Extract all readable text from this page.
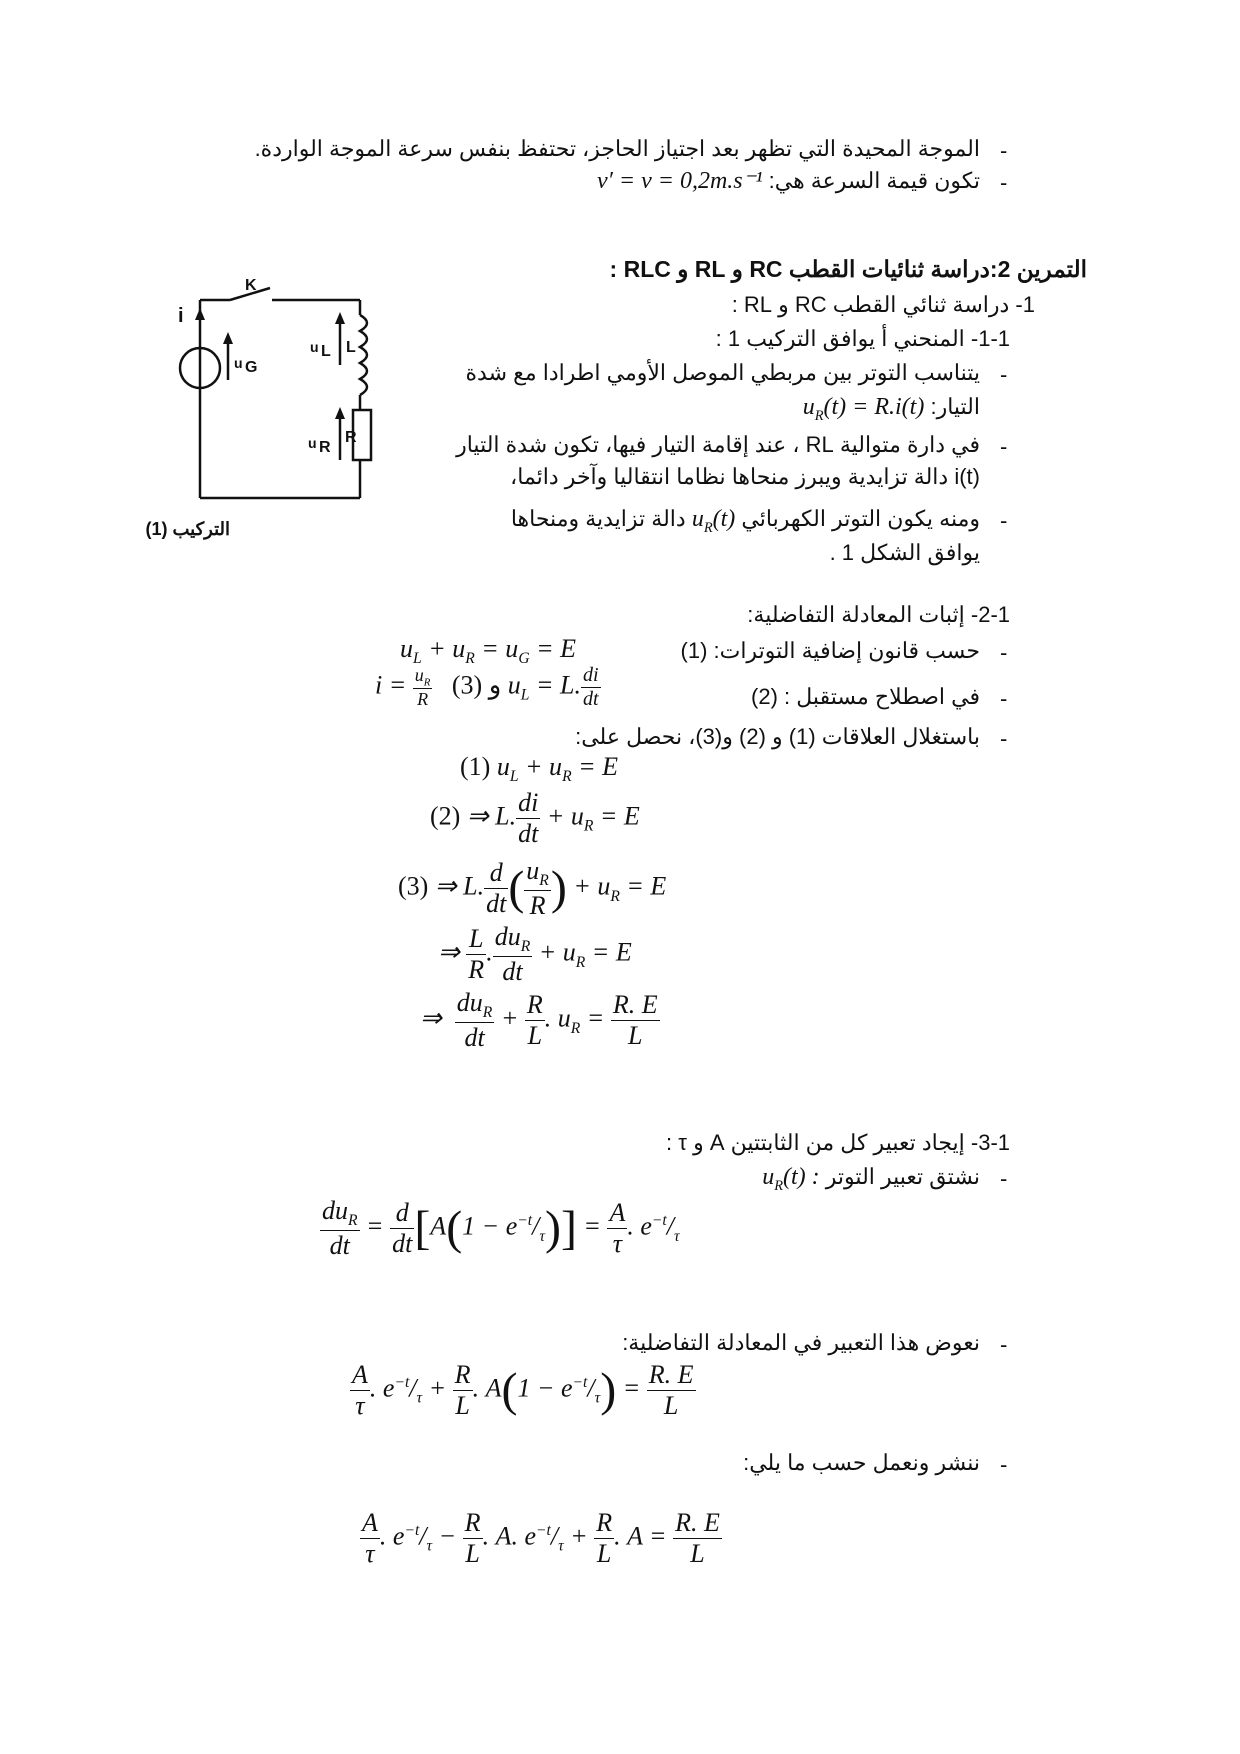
-
الموجة المحيدة التي تظهر بعد اجتياز الحاجز، تحتفظ بنفس سرعة الموجة الواردة.
-
تكون قيمة السرعة هي: v′ = v = 0,2m.s⁻¹
التمرين 2:دراسة ثنائيات القطب RC و RL و RLC :
1- دراسة ثنائي القطب RC و RL :
1-1- المنحني أ يوافق التركيب 1 :
-
يتناسب التوتر بين مربطي الموصل الأومي اطرادا مع شدة
التيار: $u_R(t) = R.i(t)$
-
في دارة متوالية RL ، عند إقامة التيار فيها، تكون شدة التيار
i(t) دالة تزايدية ويبرز منحاها نظاما انتقاليا وآخر دائما،
-
ومنه يكون التوتر الكهربائي $u_R(t)$ دالة تزايدية ومنحاها
يوافق الشكل 1 .
K
i
u L L
u G
u R
R
التركيب (1)
2-1- إثبات المعادلة التفاضلية:
-
حسب قانون إضافية التوترات: (1)
$u_L + u_R = u_G = E$
-
في اصطلاح مستقبل : (2)
$i = \frac{u_R}{R} (3)$ و $u_L = L$. $\frac{di}{dt}$
-
باستغلال العلاقات (1) و (2) و(3)، نحصل على:
(1) $u_L + u_R = E$
(2) ⇒ L. $\frac{di}{dt} + u_R = E$
(3) ⇒ L. $\frac{d}{dt}$ ( $\frac{u_R}{R}$ ) + $u_R = E$
⇒ $\frac{L}{R}$ . $\frac{du_R}{dt} + u_R = E$
⇒ $\frac{du_R}{dt} + \frac{R}{L}$ . $u_R = \frac{R. E}{L}$
3-1- إيجاد تعبير كل من الثابتتين A و τ :
-
نشتق تعبير التوتر $u_R(t)$ :
$\frac{du_R}{dt} = \frac{d}{dt} [A(1 - e^{-t}/_\tau)] = \frac{A}{\tau}$ . $e^{-t}/_\tau$
-
نعوض هذا التعبير في المعادلة التفاضلية:
$\frac{A}{\tau}$ . $e^{-t}/_\tau + \frac{R}{L}$ . $A(1 - e^{-t}/_\tau) = \frac{R. E}{L}$
-
ننشر ونعمل حسب ما يلي:
$\frac{A}{\tau}$ . $e^{-t}/_\tau - \frac{R}{L}$ . A. $e^{-t}/_\tau + \frac{R}{L}$ . $A = \frac{R. E}{L}$
